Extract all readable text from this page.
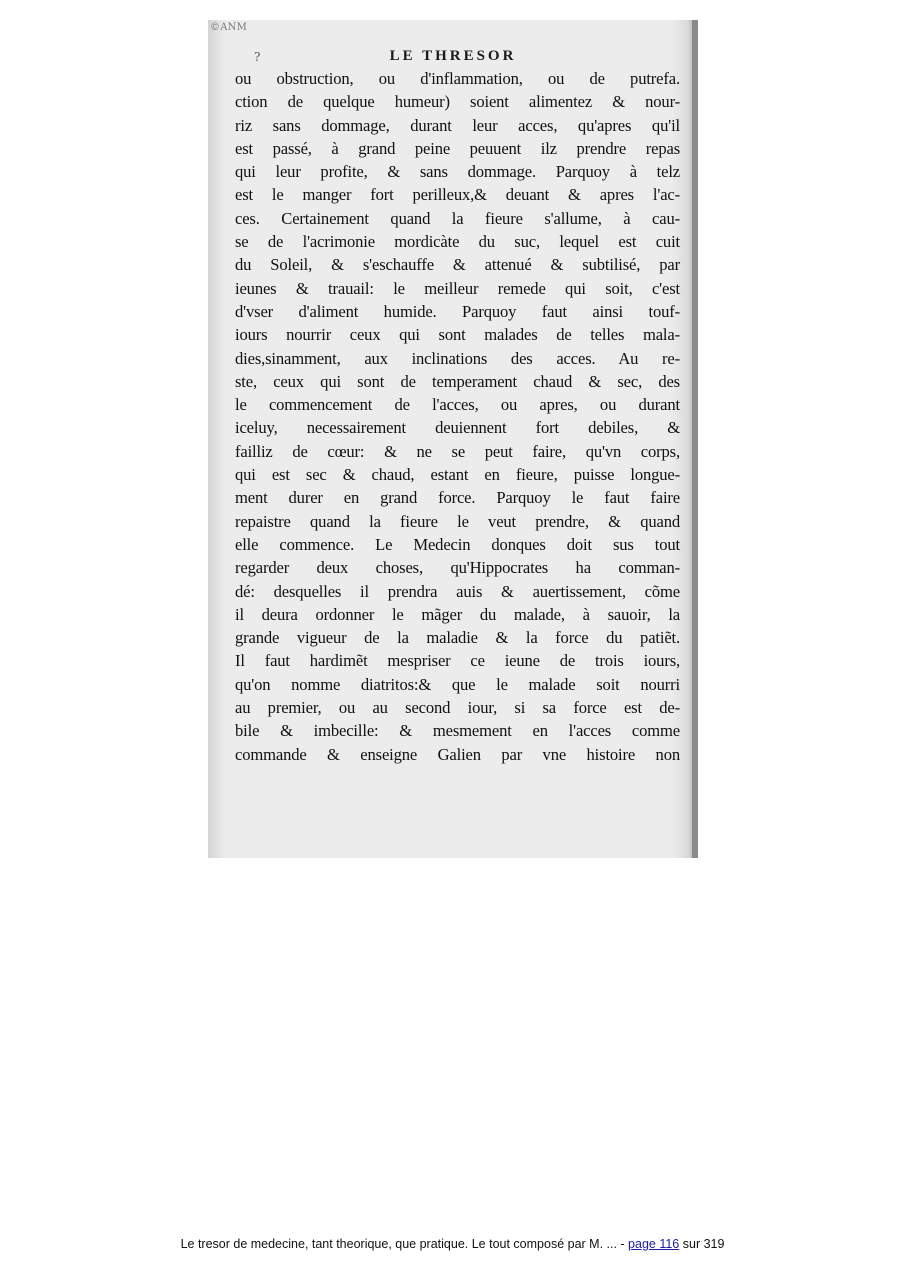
©ANM
?	LE THRESOR
ou obstruction, ou d'inflammation, ou de putrefa.
ction de quelque humeur) soient alimentez & nour-
riz sans dommage, durant leur acces, qu'apres qu'il
est passé, à grand peine peuuent ilz prendre repas
qui leur profite, & sans dommage. Parquoy à telz
est le manger fort perilleux,& deuant & apres l'ac-
ces. Certainement quand la fieure s'allume, à cau-
se de l'acrimonie mordicàte du suc, lequel est cuit
du Soleil, & s'eschauffe & attenué & subtilisé, par
ieunes & trauail: le meilleur remede qui soit, c'est
d'vser d'aliment humide. Parquoy faut ainsi touf-
iours nourrir ceux qui sont malades de telles mala-
dies,sinamment, aux inclinations des acces. Au re-
ste, ceux qui sont de temperament chaud & sec, des
le commencement de l'acces, ou apres, ou durant
iceluy, necessairement deuiennent fort debiles, &
failliz de cœur: & ne se peut faire, qu'vn corps,
qui est sec & chaud, estant en fieure, puisse longue-
ment durer en grand force. Parquoy le faut faire
repaistre quand la fieure le veut prendre, & quand
elle commence. Le Medecin donques doit sus tout
regarder deux choses, qu'Hippocrates ha comman-
dé: desquelles il prendra auis & auertissement, cõme
il deura ordonner le mãger du malade, à sauoir, la
grande vigueur de la maladie & la force du patiẽt.
Il faut hardimẽt mespriser ce ieune de trois iours,
qu'on nomme diatritos:& que le malade soit nourri
au premier, ou au second iour, si sa force est de-
bile & imbecille: & mesmement en l'acces comme
commande & enseigne Galien par vne histoire non
Le tresor de medecine, tant theorique, que pratique. Le tout composé par M. ... - page 116 sur 319
